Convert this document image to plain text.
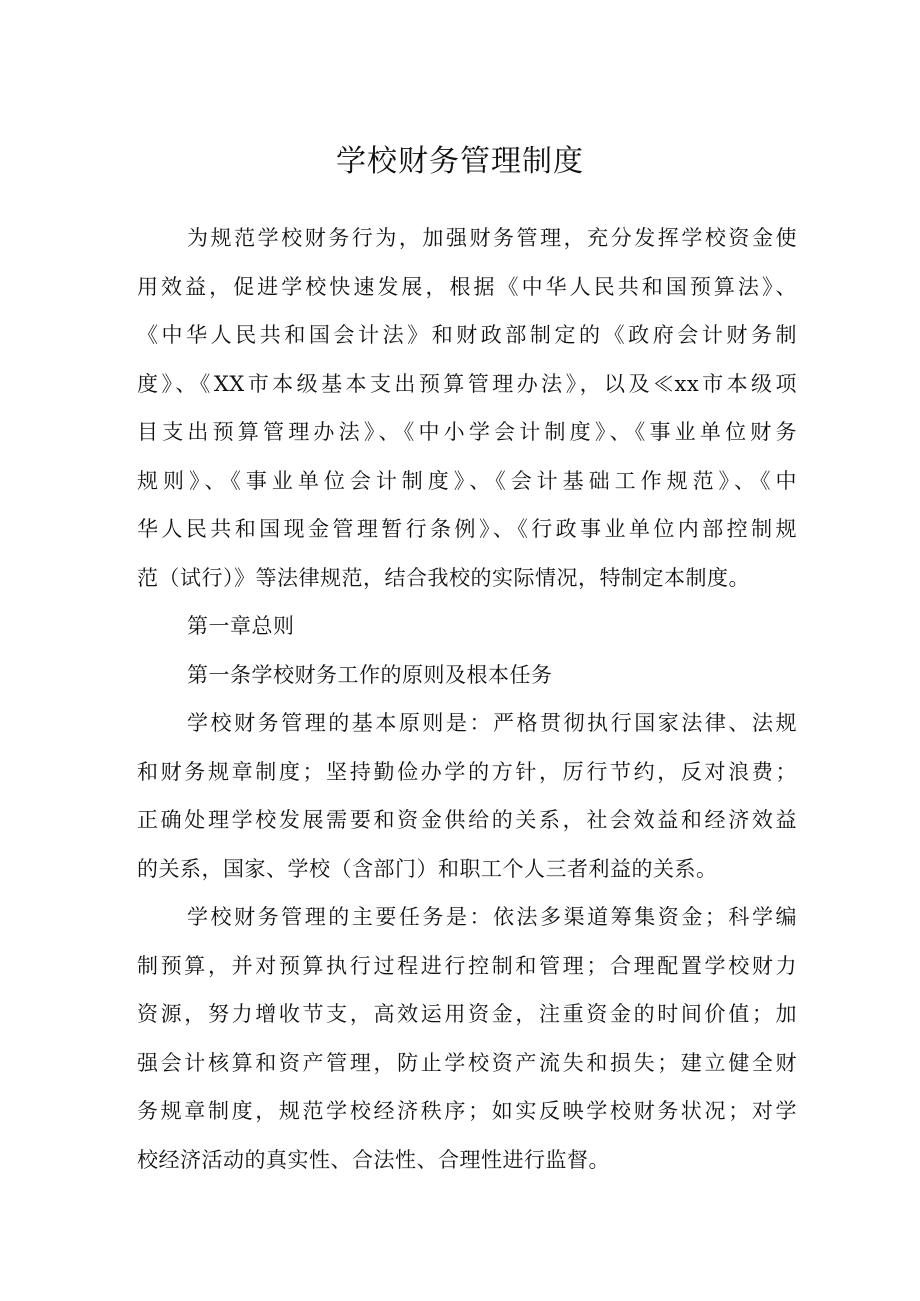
学校财务管理制度
为规范学校财务行为，加强财务管理，充分发挥学校资金使
用效益，促进学校快速发展，根据《中华人民共和国预算法》、
《中华人民共和国会计法》和财政部制定的《政府会计财务制
度》、《XX市本级基本支出预算管理办法》，以及≪xx市本级项
目支出预算管理办法》、《中小学会计制度》、《事业单位财务
规则》、《事业单位会计制度》、《会计基础工作规范》、《中
华人民共和国现金管理暂行条例》、《行政事业单位内部控制规
范（试行）》等法律规范，结合我校的实际情况，特制定本制度。
第一章总则
第一条学校财务工作的原则及根本任务
学校财务管理的基本原则是：严格贯彻执行国家法律、法规
和财务规章制度；坚持勤俭办学的方针，厉行节约，反对浪费；
正确处理学校发展需要和资金供给的关系，社会效益和经济效益
的关系，国家、学校（含部门）和职工个人三者利益的关系。
学校财务管理的主要任务是：依法多渠道筹集资金；科学编
制预算，并对预算执行过程进行控制和管理；合理配置学校财力
资源，努力增收节支，高效运用资金，注重资金的时间价值；加
强会计核算和资产管理，防止学校资产流失和损失；建立健全财
务规章制度，规范学校经济秩序；如实反映学校财务状况；对学
校经济活动的真实性、合法性、合理性进行监督。
